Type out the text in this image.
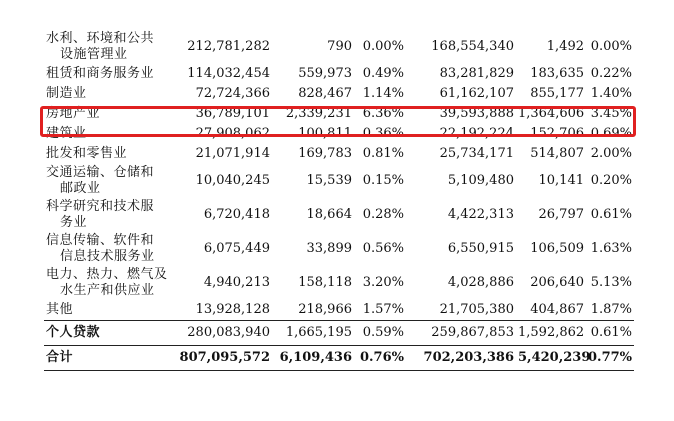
水利、环境和公共
设施管理业	212,781,282	790	0.00%	168,554,340	1,492	0.00%
租赁和商务服务业	114,032,454	559,973	0.49%	83,281,829	183,635	0.22%
制造业	72,724,366	828,467	1.14%	61,162,107	855,177	1.40%
房地产业	36,789,101	2,339,231	6.36%	39,593,888	1,364,606	3.45%
建筑业	27,908,062	100,811	0.36%	22,192,224	152,706	0.69%
批发和零售业	21,071,914	169,783	0.81%	25,734,171	514,807	2.00%

交通运输、仓储和
邮政业	10,040,245	15,539	0.15%	5,109,480	10,141	0.20%

科学研究和技术服
务业	6,720,418	18,664	0.28%	4,422,313	26,797	0.61%

信息传输、软件和
信息技术服务业	6,075,449	33,899	0.56%	6,550,915	106,509	1.63%

电力、热力、燃气及
水生产和供应业	4,940,213	158,118	3.20%	4,028,886	206,640	5.13%
其他	13,928,128	218,966	1.57%	21,705,380	404,867	1.87%
个人贷款	280,083,940	1,665,195	0.59%	259,867,853	1,592,862	0.61%
合计	807,095,572	6,109,436	0.76%	702,203,386	5,420,239	0.77%
